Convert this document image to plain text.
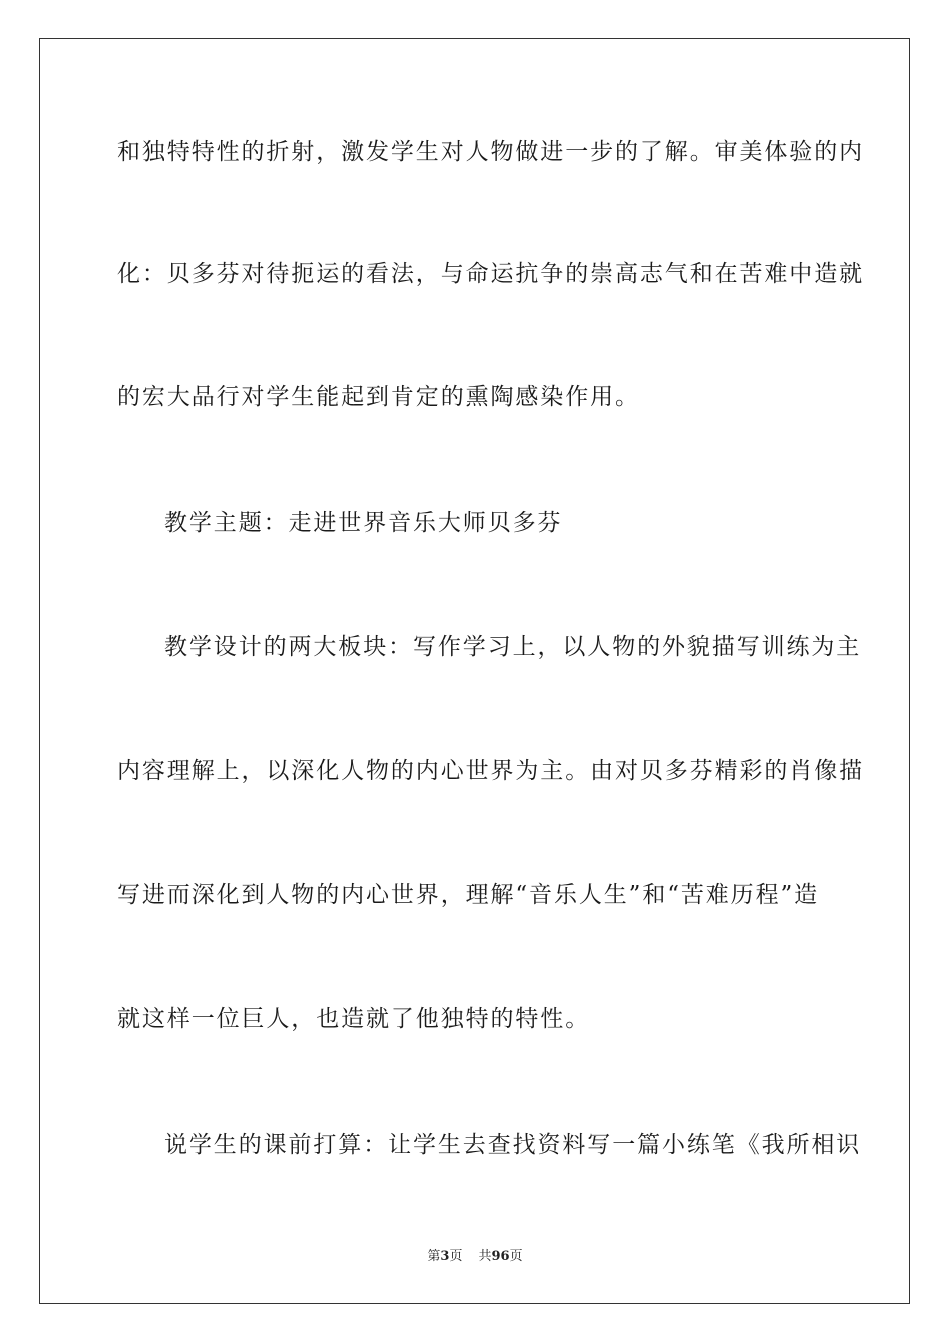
和独特特性的折射，激发学生对人物做进一步的了解。审美体验的内
化：贝多芬对待扼运的看法，与命运抗争的崇高志气和在苦难中造就
的宏大品行对学生能起到肯定的熏陶感染作用。
教学主题：走进世界音乐大师贝多芬
教学设计的两大板块：写作学习上，以人物的外貌描写训练为主
内容理解上，以深化人物的内心世界为主。由对贝多芬精彩的肖像描
写进而深化到人物的内心世界，理解“音乐人生”和“苦难历程”造
就这样一位巨人，也造就了他独特的特性。
说学生的课前打算：让学生去查找资料写一篇小练笔《我所相识
第3页 共96页
